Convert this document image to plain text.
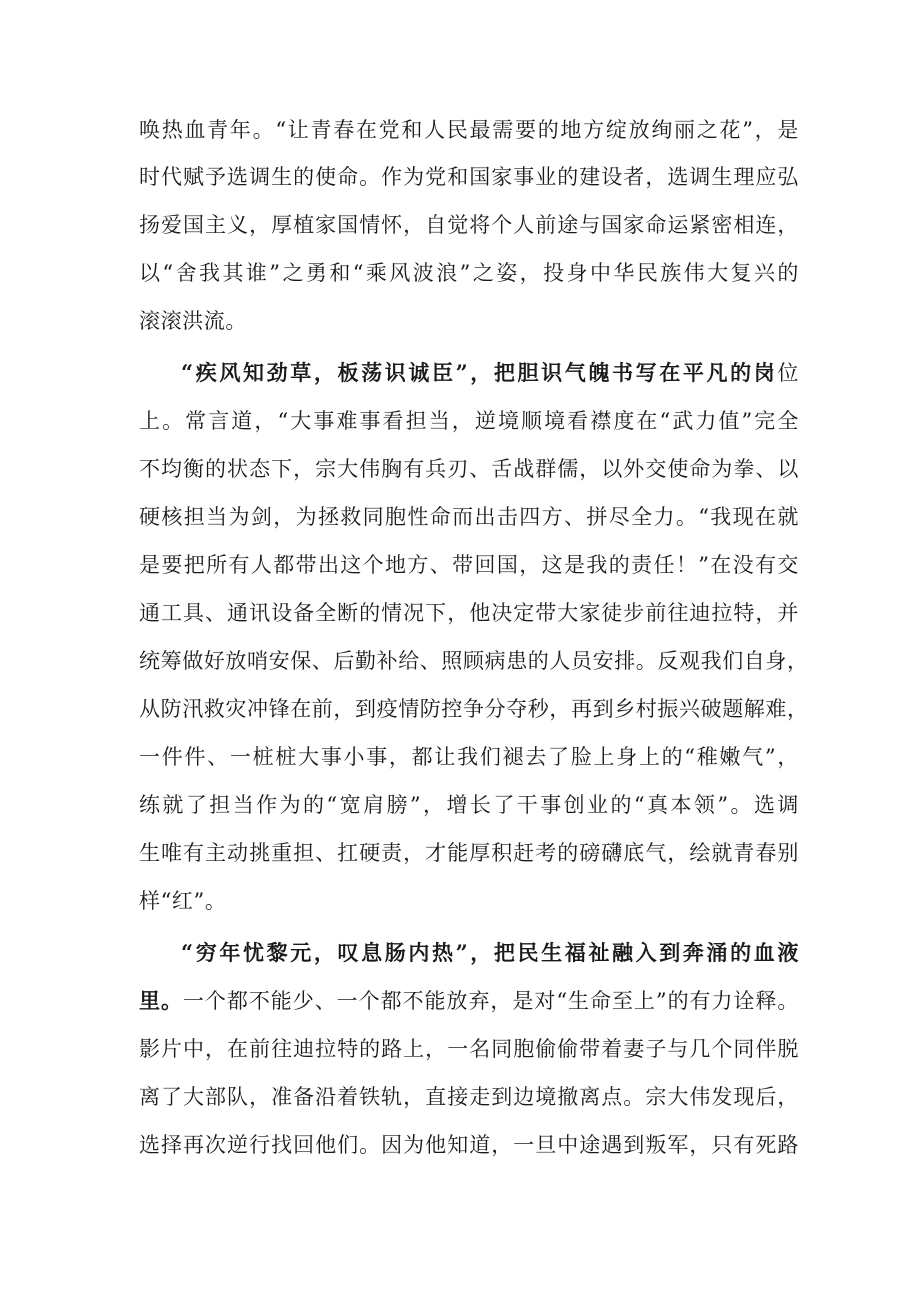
唤热血青年。“让青春在党和人民最需要的地方绽放绚丽之花”，是
时代赋予选调生的使命。作为党和国家事业的建设者，选调生理应弘
扬爱国主义，厚植家国情怀，自觉将个人前途与国家命运紧密相连，
以“舍我其谁”之勇和“乘风波浪”之姿，投身中华民族伟大复兴的
滚滚洪流。
“疾风知劲草，板荡识诚臣”，把胆识气魄书写在平凡的岗位
上。常言道，“大事难事看担当，逆境顺境看襟度在“武力值”完全
不均衡的状态下，宗大伟胸有兵刃、舌战群儒，以外交使命为拳、以
硬核担当为剑，为拯救同胞性命而出击四方、拼尽全力。“我现在就
是要把所有人都带出这个地方、带回国，这是我的责任！”在没有交
通工具、通讯设备全断的情况下，他决定带大家徒步前往迪拉特，并
统筹做好放哨安保、后勤补给、照顾病患的人员安排。反观我们自身，
从防汛救灾冲锋在前，到疫情防控争分夺秒，再到乡村振兴破题解难，
一件件、一桩桩大事小事，都让我们褪去了脸上身上的“稚嫩气”，
练就了担当作为的“宽肩膀”，增长了干事创业的“真本领”。选调
生唯有主动挑重担、扛硬责，才能厚积赶考的磅礴底气，绘就青春别
样“红”。
“穷年忧黎元，叹息肠内热”，把民生福祉融入到奔涌的血液
里。一个都不能少、一个都不能放弃，是对“生命至上”的有力诠释。
影片中，在前往迪拉特的路上，一名同胞偷偷带着妻子与几个同伴脱
离了大部队，准备沿着铁轨，直接走到边境撤离点。宗大伟发现后，
选择再次逆行找回他们。因为他知道，一旦中途遇到叛军，只有死路
